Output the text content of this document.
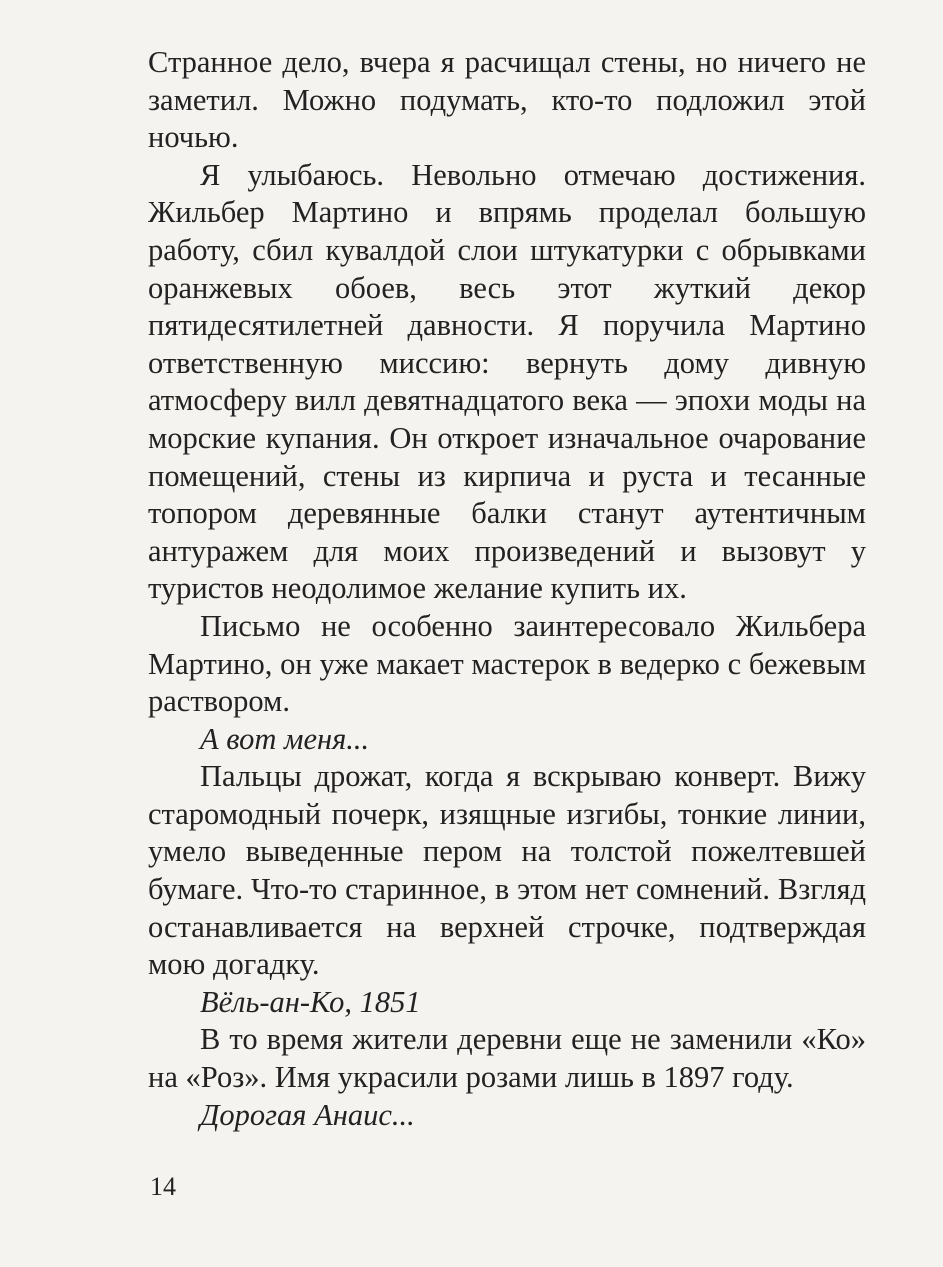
Странное дело, вчера я расчищал стены, но ничего не заметил. Можно подумать, кто-то подложил этой ночью.

Я улыбаюсь. Невольно отмечаю достижения. Жильбер Мартино и впрямь проделал большую работу, сбил кувалдой слои штукатурки с обрывками оранжевых обоев, весь этот жуткий декор пятидесятилетней давности. Я поручила Мартино ответственную миссию: вернуть дому дивную атмосферу вилл девятнадцатого века — эпохи моды на морские купания. Он откроет изначальное очарование помещений, стены из кирпича и руста и тесанные топором деревянные балки станут аутентичным антуражем для моих произведений и вызовут у туристов неодолимое желание купить их.

Письмо не особенно заинтересовало Жильбера Мартино, он уже макает мастерок в ведерко с бежевым раствором.

А вот меня...

Пальцы дрожат, когда я вскрываю конверт. Вижу старомодный почерк, изящные изгибы, тонкие линии, умело выведенные пером на толстой пожелтевшей бумаге. Что-то старинное, в этом нет сомнений. Взгляд останавливается на верхней строчке, подтверждая мою догадку.

Вёль-ан-Ко, 1851

В то время жители деревни еще не заменили «Ко» на «Роз». Имя украсили розами лишь в 1897 году.

Дорогая Анаис...

14
